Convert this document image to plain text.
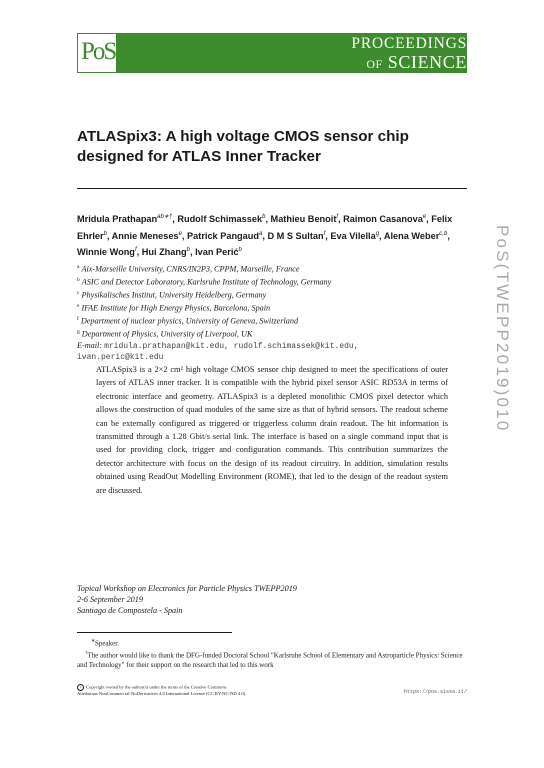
PoS	PROCEEDINGS
OF SCIENCE
ATLASpix3: A high voltage CMOS sensor chip
designed for ATLAS Inner Tracker
Mridula Prathapan$^{ab∗\dagger}$, Rudolf Schimassek$^b$, Mathieu Benoit$^f$, Raimon Casanova$^e$, Felix Ehrler$^b$, Annie Meneses$^e$, Patrick Pangaud$^a$, D M S Sultan$^f$, Eva Vilella$^g$, Alena Weber$^{c,b}$, Winnie Wong$^f$, Hui Zhang$^b$, Ivan Perić$^b$
$^a$ Aix-Marseille University, CNRS/IN2P3, CPPM, Marseille, France
$^b$ ASIC and Detector Laboratory, Karlsruhe Institute of Technology, Germany
$^c$ Physikalisches Institut, University Heidelberg, Germany
$^e$ IFAE Institute for High Energy Physics, Barcelona, Spain
$^f$ Department of nuclear physics, University of Geneva, Switzerland
$^g$ Department of Physics, University of Liverpool, UK
E-mail: mridula.prathapan@kit.edu, rudolf.schimassek@kit.edu,
ivan.peric@kit.edu
ATLASpix3 is a 2×2 cm² high voltage CMOS sensor chip designed to meet the specifications of outer layers of ATLAS inner tracker. It is compatible with the hybrid pixel sensor ASIC RD53A in terms of electronic interface and geometry. ATLASpix3 is a depleted monolithic CMOS pixel detector which allows the construction of quad modules of the same size as that of hybrid sensors. The readout scheme can be externally configured as triggered or triggerless column drain readout. The hit information is transmitted through a 1.28 Gbit/s serial link. The interface is based on a single command input that is used for providing clock, trigger and configuration commands. This contribution summarizes the detector architecture with focus on the design of its readout circuitry. In addition, simulation results obtained using ReadOut Modelling Environment (ROME), that led to the design of the readout system are discussed.
Topical Workshop on Electronics for Particle Physics TWEPP2019
2-6 September 2019
Santiago de Compostela - Spain
∗Speaker.
†The author would like to thank the DFG-funded Doctoral School "Karlsruhe School of Elementary and Astroparticle Physics: Science and Technology" for their support on the research that led to this work
c Copyright owned by the author(s) under the terms of the Creative Commons
Attribution-NonCommercial-NoDerivatives 4.0 International License (CC BY-NC-ND 4.0).	https://pos.sissa.it/
PoS(TWEPP2019)010
